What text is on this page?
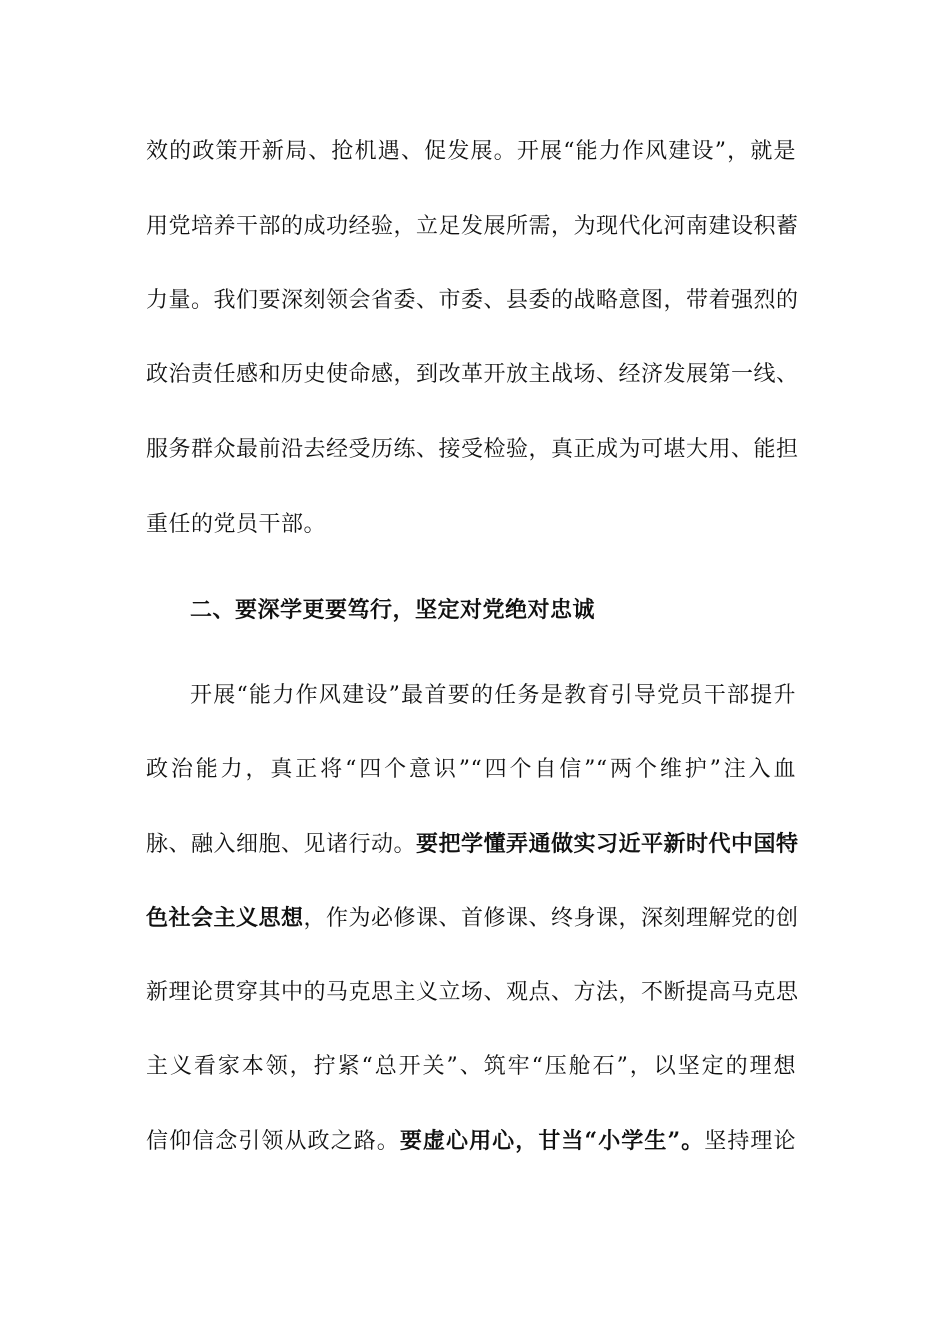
效的政策开新局、抢机遇、促发展。开展“能力作风建设”，就是
用党培养干部的成功经验，立足发展所需，为现代化河南建设积蓄
力量。我们要深刻领会省委、市委、县委的战略意图，带着强烈的
政治责任感和历史使命感，到改革开放主战场、经济发展第一线、
服务群众最前沿去经受历练、接受检验，真正成为可堪大用、能担
重任的党员干部。
二、要深学更要笃行，坚定对党绝对忠诚
开展“能力作风建设”最首要的任务是教育引导党员干部提升
政治能力，真正将“四个意识”“四个自信”“两个维护”注入血
脉、融入细胞、见诸行动。要把学懂弄通做实习近平新时代中国特
色社会主义思想，作为必修课、首修课、终身课，深刻理解党的创
新理论贯穿其中的马克思主义立场、观点、方法，不断提高马克思
主义看家本领，拧紧“总开关”、筑牢“压舱石”，以坚定的理想
信仰信念引领从政之路。要虚心用心，甘当“小学生”。坚持理论
